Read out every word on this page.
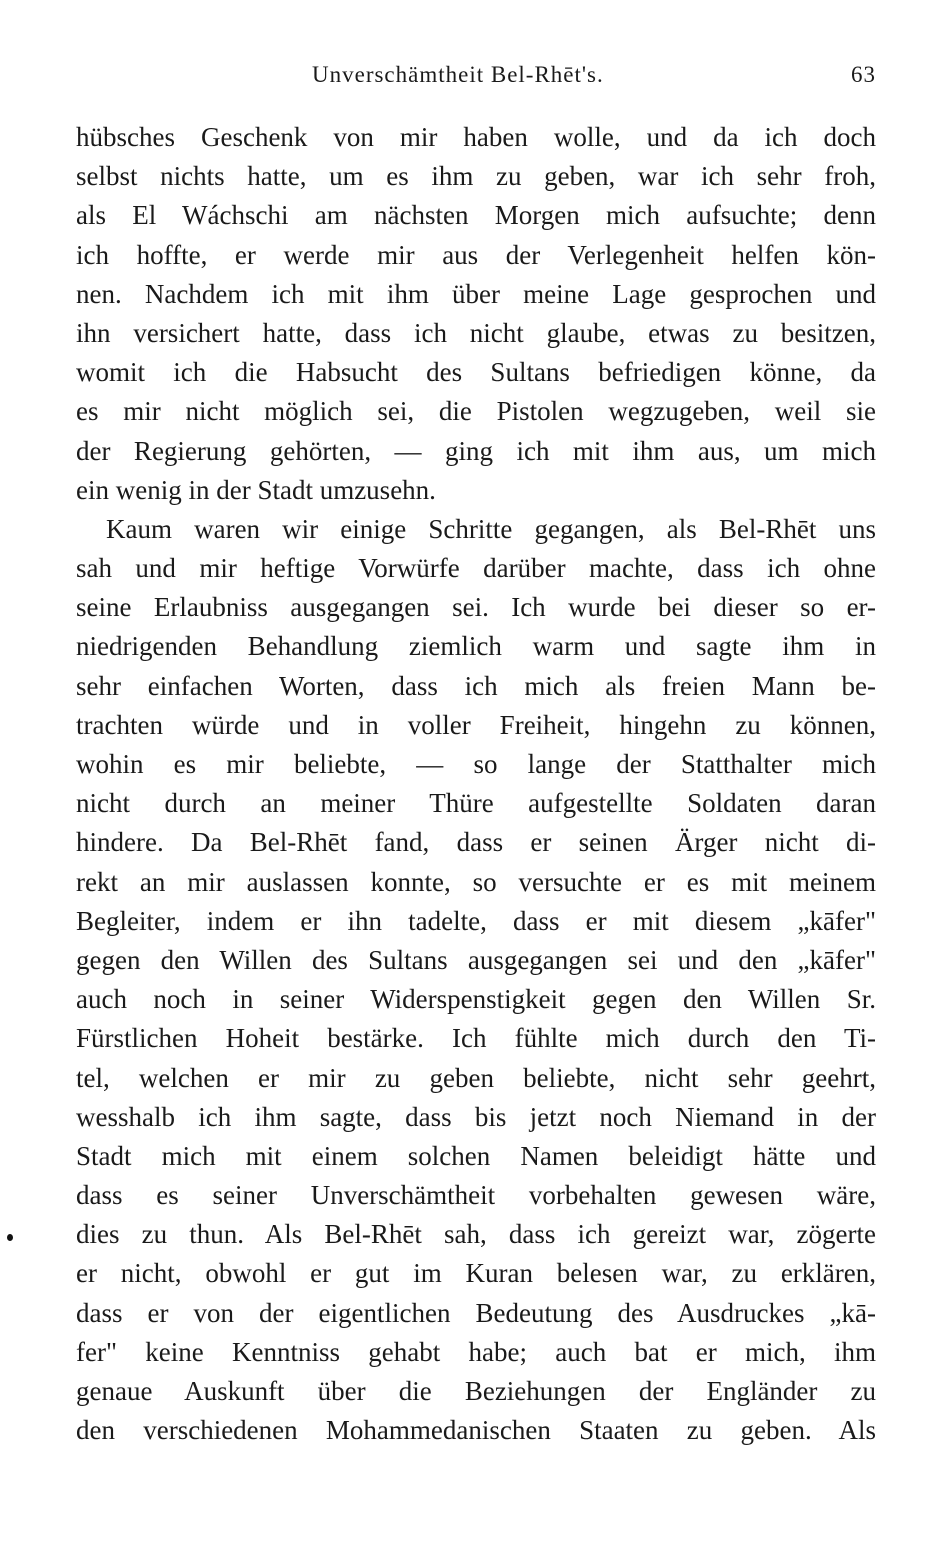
Unverschämtheit Bel-Rhēt's.	63
hübsches Geschenk von mir haben wolle, und da ich doch
selbst nichts hatte, um es ihm zu geben, war ich sehr froh,
als El Wáchschi am nächsten Morgen mich aufsuchte; denn
ich hoffte, er werde mir aus der Verlegenheit helfen kön-
nen. Nachdem ich mit ihm über meine Lage gesprochen und
ihn versichert hatte, dass ich nicht glaube, etwas zu besitzen,
womit ich die Habsucht des Sultans befriedigen könne, da
es mir nicht möglich sei, die Pistolen wegzugeben, weil sie
der Regierung gehörten, — ging ich mit ihm aus, um mich
ein wenig in der Stadt umzusehn.
Kaum waren wir einige Schritte gegangen, als Bel-Rhēt uns
sah und mir heftige Vorwürfe darüber machte, dass ich ohne
seine Erlaubniss ausgegangen sei. Ich wurde bei dieser so er-
niedrigenden Behandlung ziemlich warm und sagte ihm in
sehr einfachen Worten, dass ich mich als freien Mann be-
trachten würde und in voller Freiheit, hingehn zu können,
wohin es mir beliebte, — so lange der Statthalter mich
nicht durch an meiner Thüre aufgestellte Soldaten daran
hindere. Da Bel-Rhēt fand, dass er seinen Ärger nicht di-
rekt an mir auslassen konnte, so versuchte er es mit meinem
Begleiter, indem er ihn tadelte, dass er mit diesem „kāfer"
gegen den Willen des Sultans ausgegangen sei und den „kāfer"
auch noch in seiner Widerspenstigkeit gegen den Willen Sr.
Fürstlichen Hoheit bestärke. Ich fühlte mich durch den Ti-
tel, welchen er mir zu geben beliebte, nicht sehr geehrt,
wesshalb ich ihm sagte, dass bis jetzt noch Niemand in der
Stadt mich mit einem solchen Namen beleidigt hätte und
dass es seiner Unverschämtheit vorbehalten gewesen wäre,
dies zu thun. Als Bel-Rhēt sah, dass ich gereizt war, zögerte
er nicht, obwohl er gut im Kuran belesen war, zu erklären,
dass er von der eigentlichen Bedeutung des Ausdruckes „kā-
fer" keine Kenntniss gehabt habe; auch bat er mich, ihm
genaue Auskunft über die Beziehungen der Engländer zu
den verschiedenen Mohammedanischen Staaten zu geben. Als
